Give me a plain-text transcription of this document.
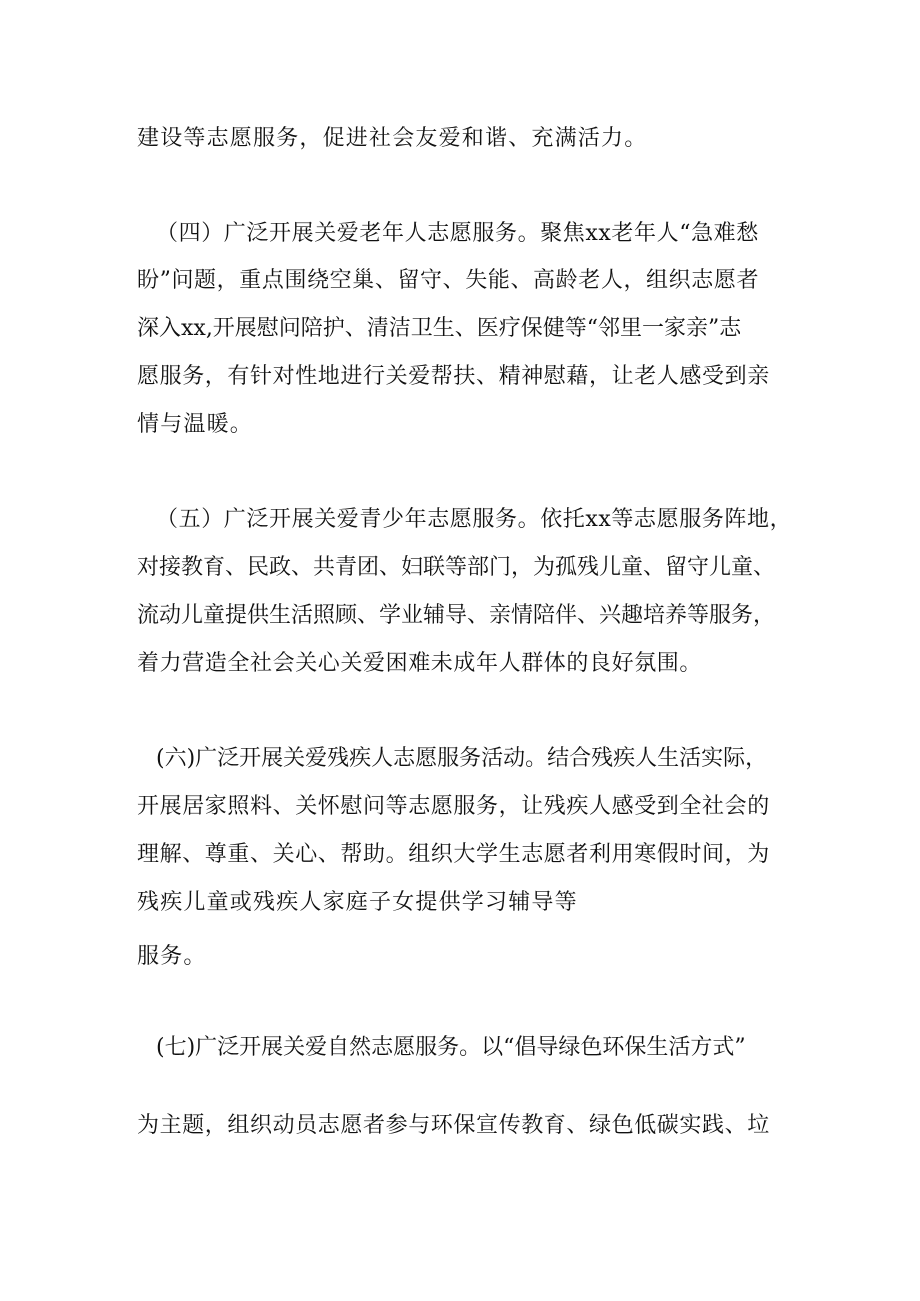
建设等志愿服务，促进社会友爱和谐、充满活力。
（四）广泛开展关爱老年人志愿服务。聚焦xx老年人“急难愁
盼”问题，重点围绕空巢、留守、失能、高龄老人，组织志愿者
深入xx,开展慰问陪护、清洁卫生、医疗保健等“邻里一家亲”志
愿服务，有针对性地进行关爱帮扶、精神慰藉，让老人感受到亲
情与温暖。
（五）广泛开展关爱青少年志愿服务。依托xx等志愿服务阵地，
对接教育、民政、共青团、妇联等部门，为孤残儿童、留守儿童、
流动儿童提供生活照顾、学业辅导、亲情陪伴、兴趣培养等服务，
着力营造全社会关心关爱困难未成年人群体的良好氛围。
(六)广泛开展关爱残疾人志愿服务活动。结合残疾人生活实际，
开展居家照料、关怀慰问等志愿服务，让残疾人感受到全社会的
理解、尊重、关心、帮助。组织大学生志愿者利用寒假时间，为
残疾儿童或残疾人家庭子女提供学习辅导等
服务。
(七)广泛开展关爱自然志愿服务。以“倡导绿色环保生活方式”
为主题，组织动员志愿者参与环保宣传教育、绿色低碳实践、垃
